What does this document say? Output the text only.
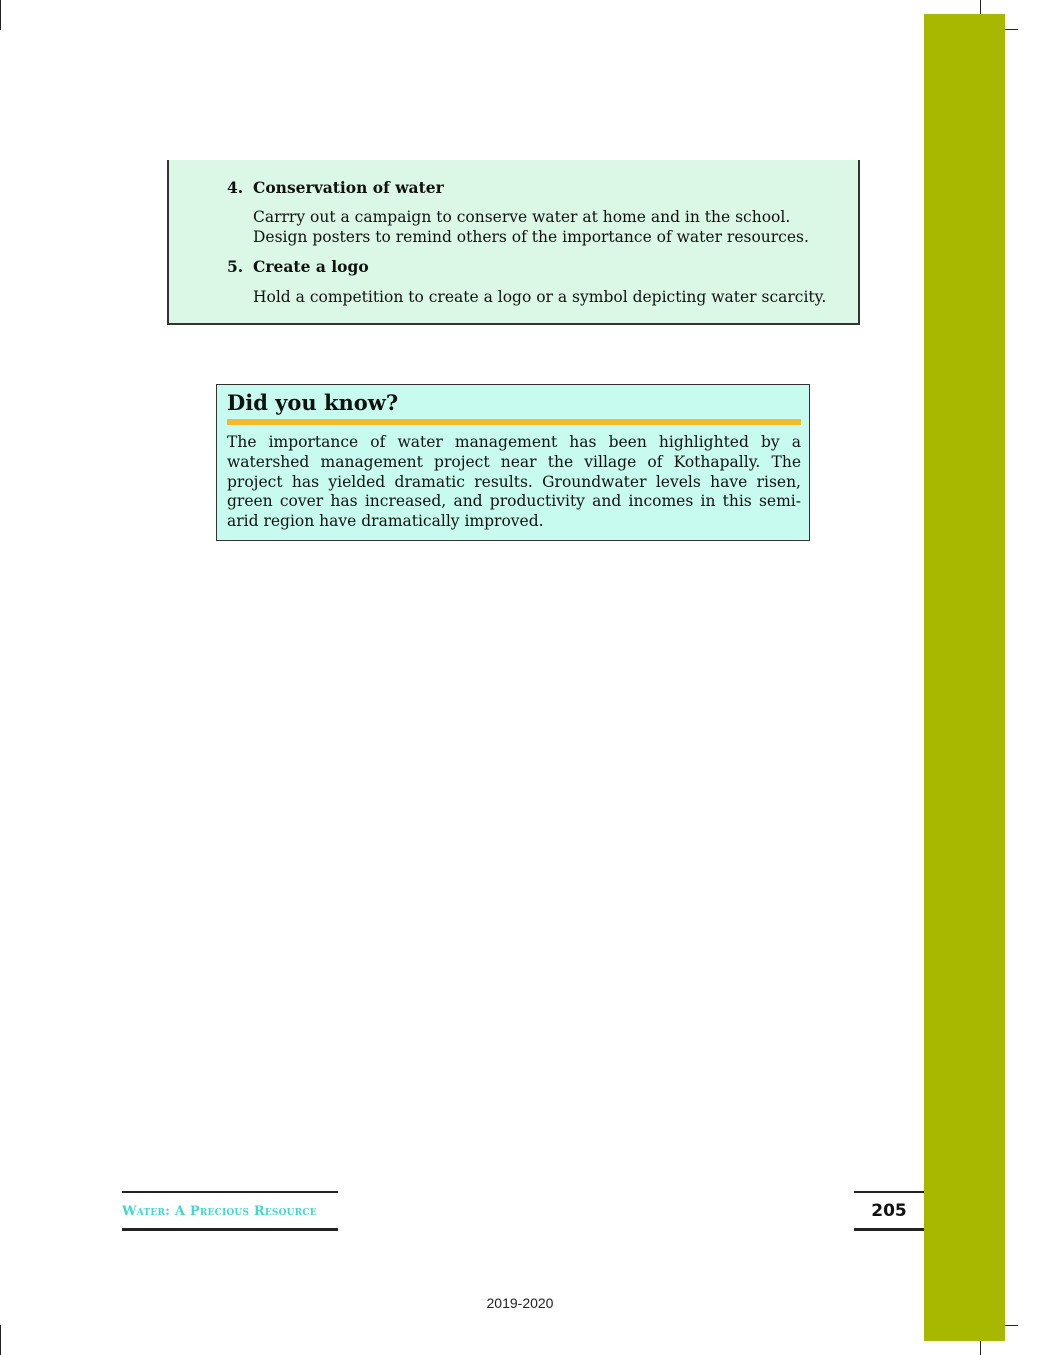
4. Conservation of water
Carrry out a campaign to conserve water at home and in the school. Design posters to remind others of the importance of water resources.
5. Create a logo
Hold a competition to create a logo or a symbol depicting water scarcity.
Did you know?
The importance of water management has been highlighted by a watershed management project near the village of Kothapally. The project has yielded dramatic results. Groundwater levels have risen, green cover has increased, and productivity and incomes in this semi-arid region have dramatically improved.
Water: A Precious Resource	205
2019-2020
